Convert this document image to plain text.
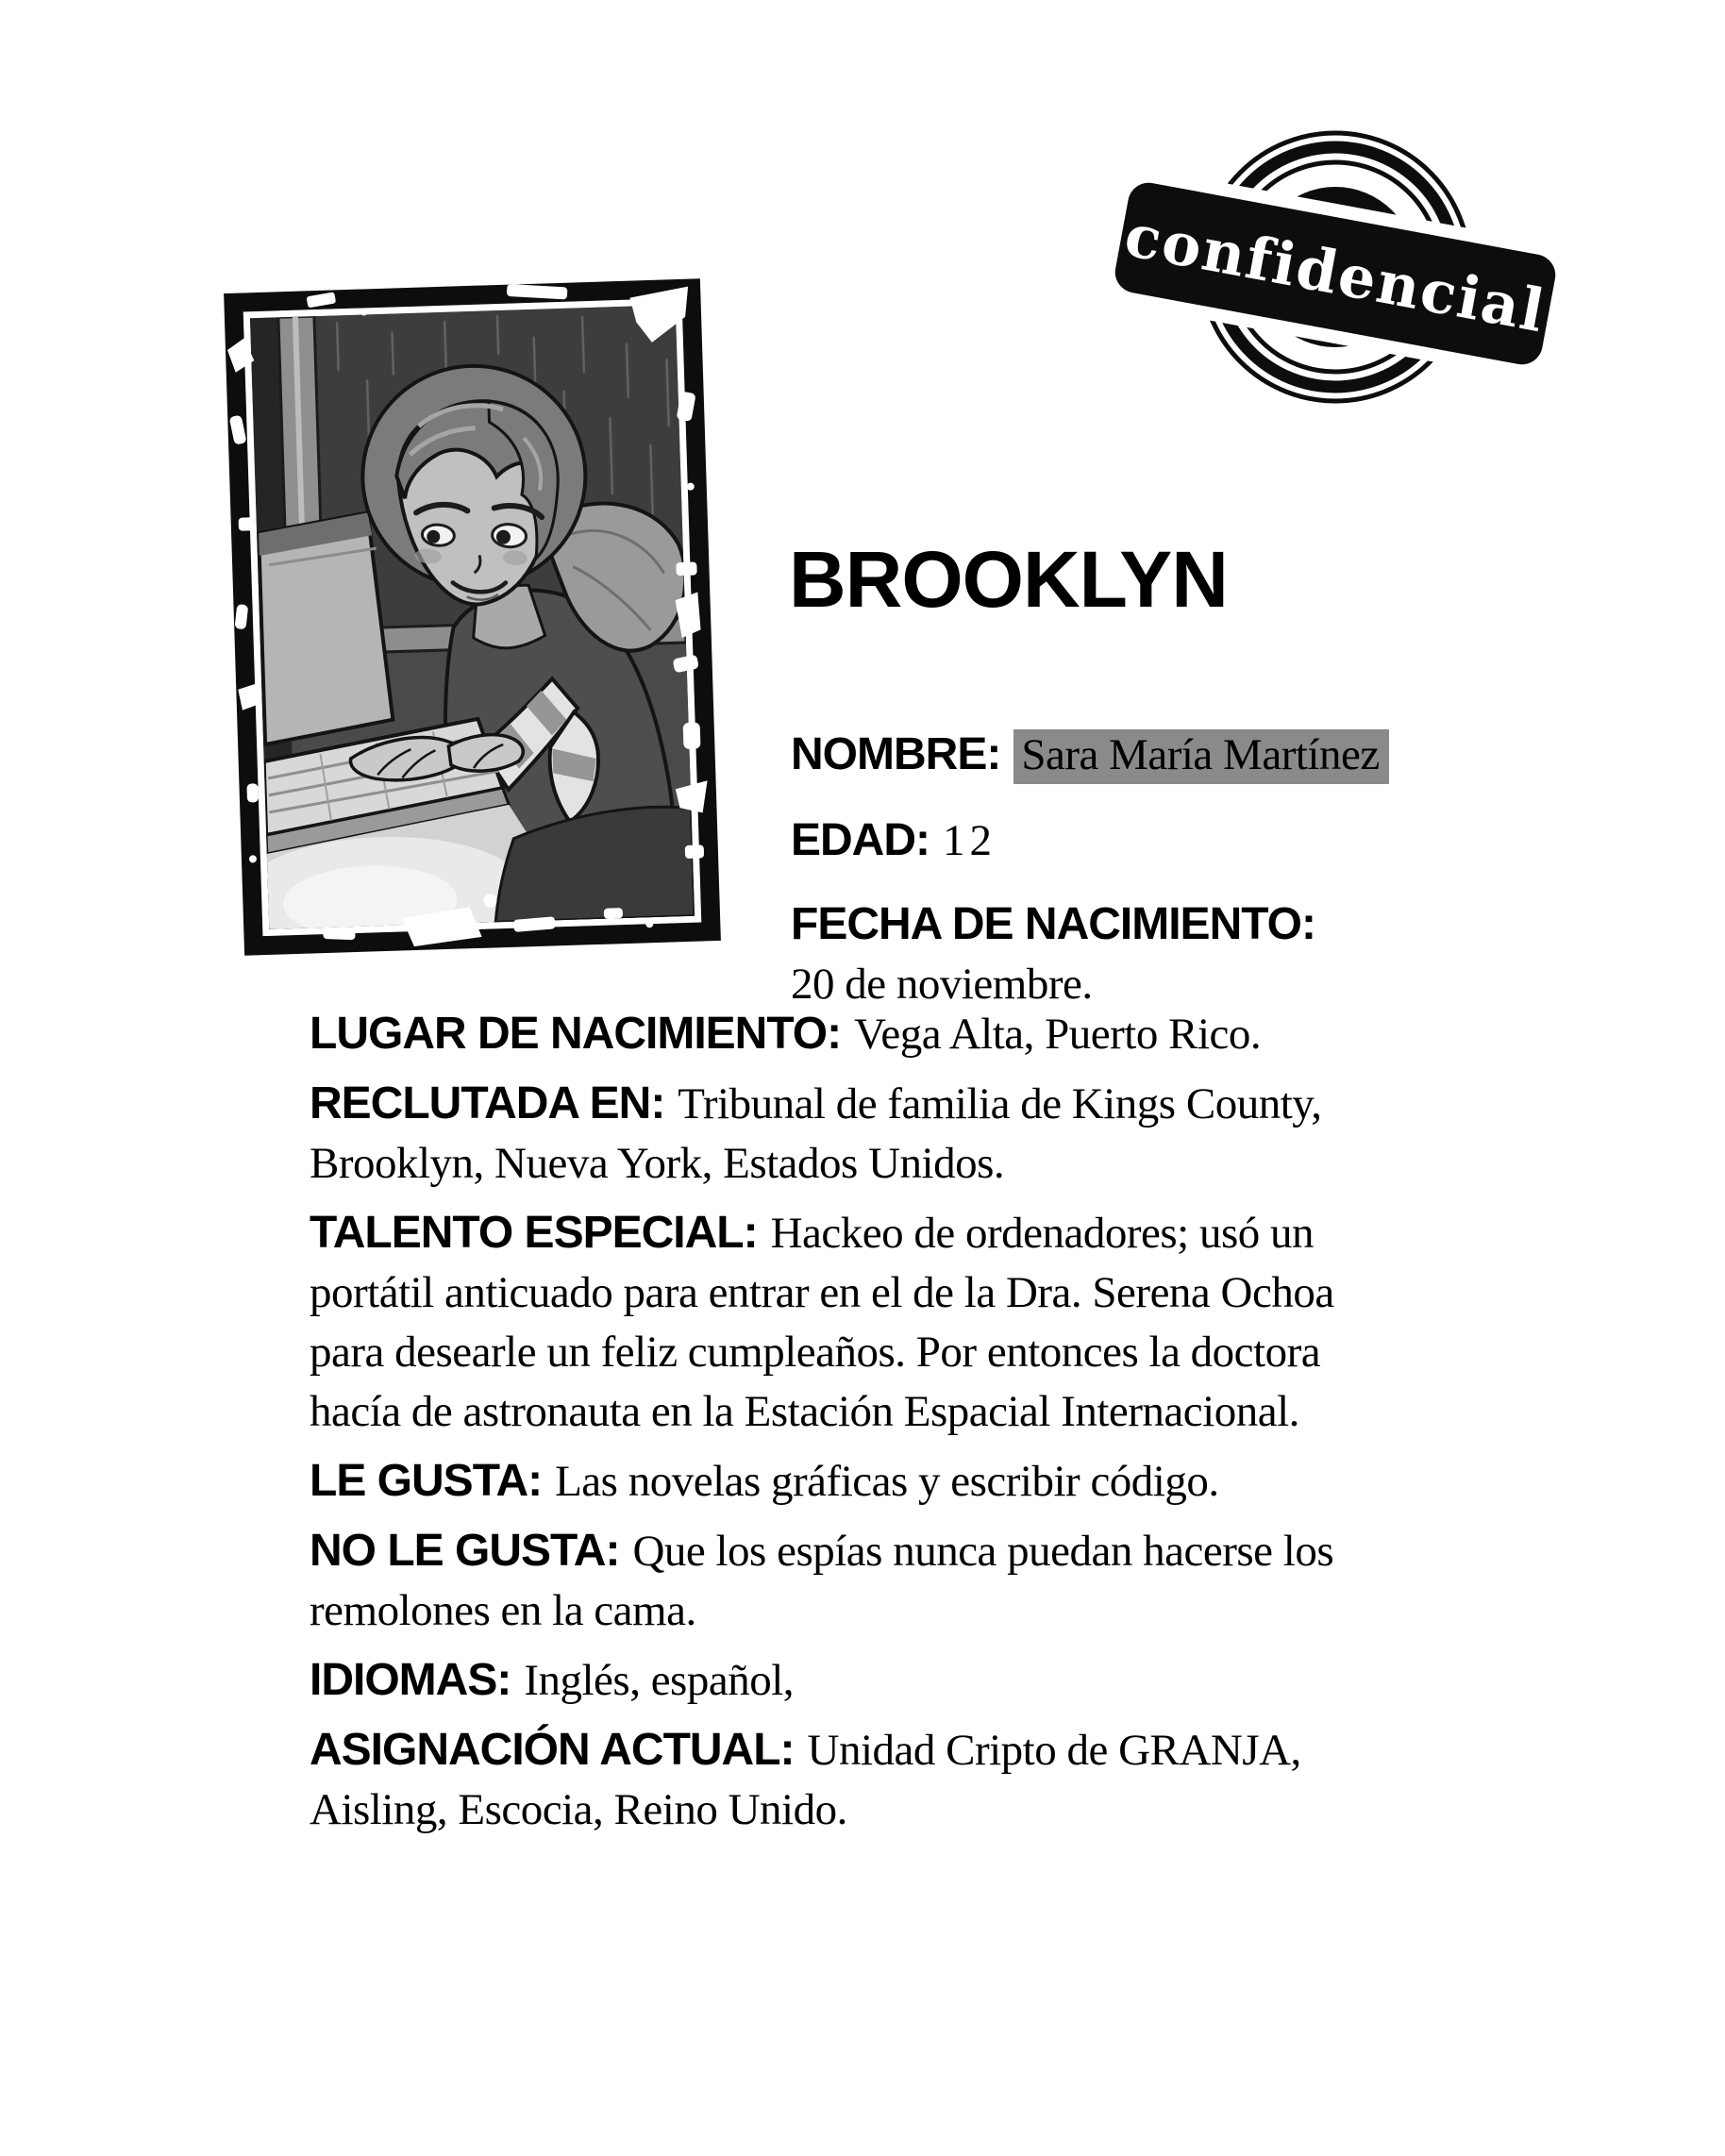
confidencial
BROOKLYN

NOMBRE: Sara María Martínez

EDAD: 12

FECHA DE NACIMIENTO:
20 de noviembre.

LUGAR DE NACIMIENTO: Vega Alta, Puerto Rico.

RECLUTADA EN: Tribunal de familia de Kings County,
Brooklyn, Nueva York, Estados Unidos.

TALENTO ESPECIAL: Hackeo de ordenadores; usó un
portátil anticuado para entrar en el de la Dra. Serena Ochoa
para desearle un feliz cumpleaños. Por entonces la doctora
hacía de astronauta en la Estación Espacial Internacional.

LE GUSTA: Las novelas gráficas y escribir código.

NO LE GUSTA: Que los espías nunca puedan hacerse los
remolones en la cama.

IDIOMAS: Inglés, español,

ASIGNACIÓN ACTUAL: Unidad Cripto de GRANJA,
Aisling, Escocia, Reino Unido.
